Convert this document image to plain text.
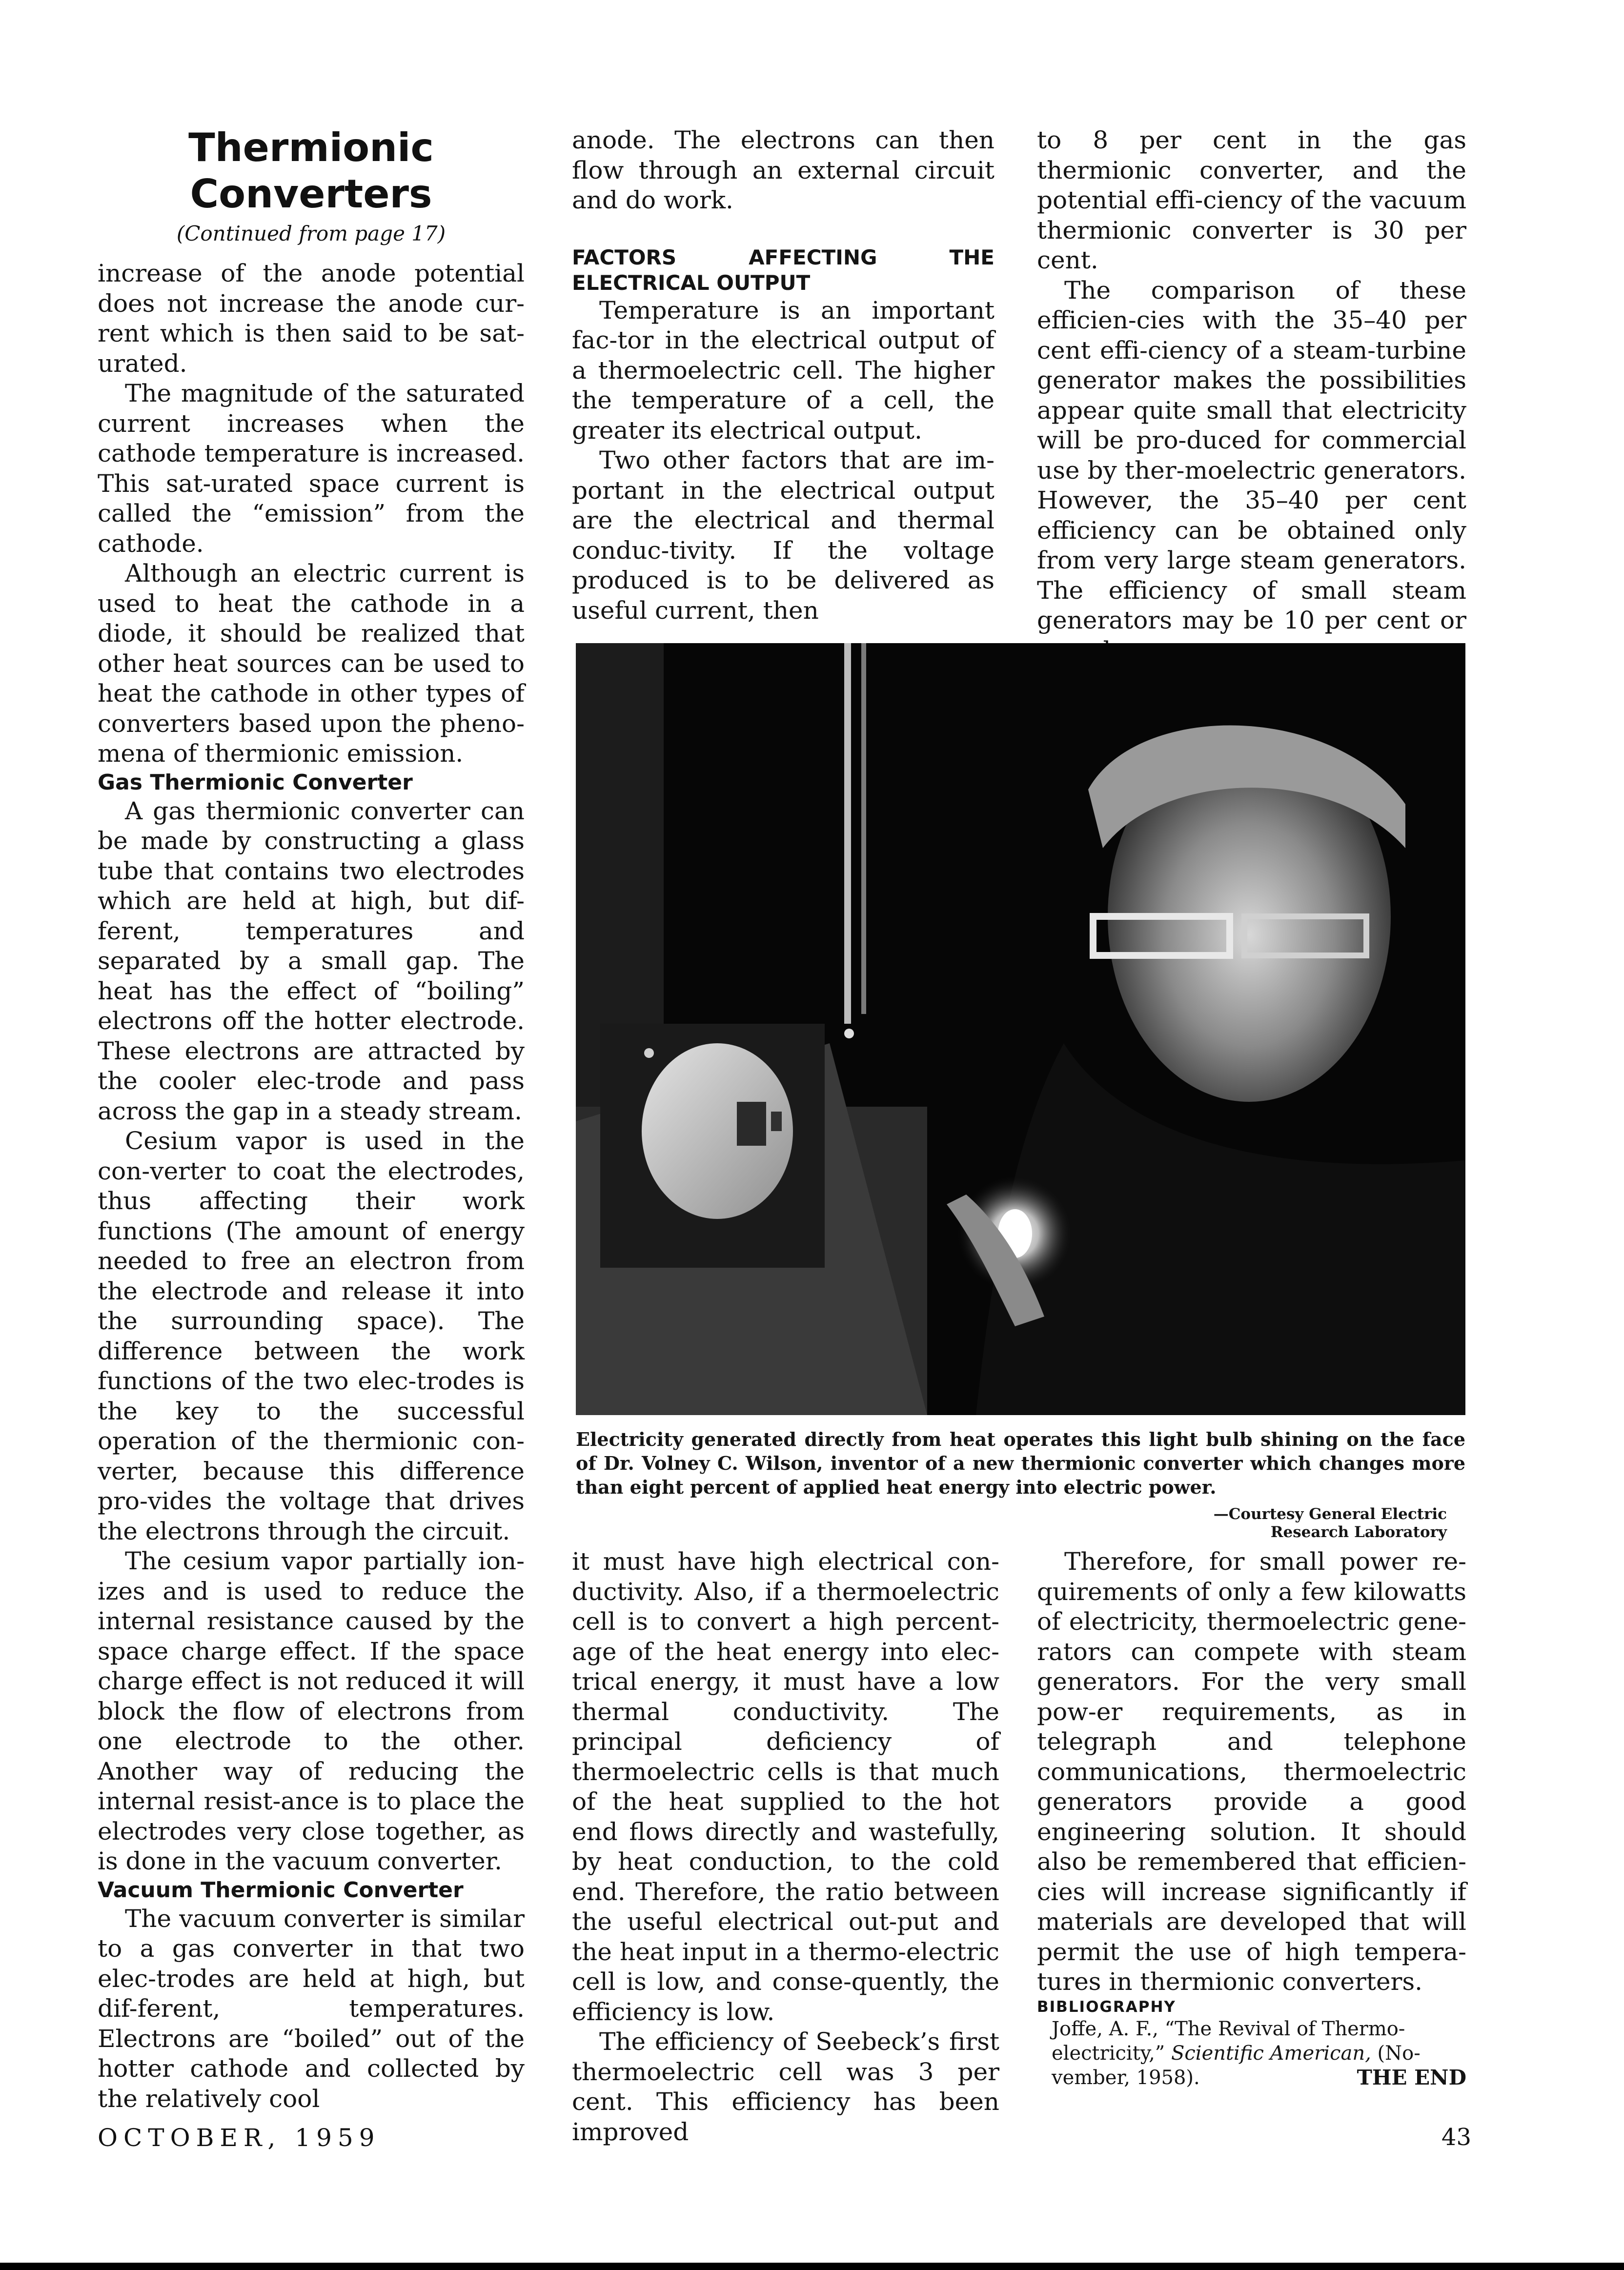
Thermionic

Converters

(Continued from page 17)

increase of the anode potential does not increase the anode cur-rent which is then said to be sat-urated.

The magnitude of the saturated current increases when the cathode temperature is increased. This sat-urated space current is called the “emission” from the cathode.

Although an electric current is used to heat the cathode in a diode, it should be realized that other heat sources can be used to heat the cathode in other types of converters based upon the pheno-mena of thermionic emission.

Gas Thermionic Converter

A gas thermionic converter can be made by constructing a glass tube that contains two electrodes which are held at high, but dif-ferent, temperatures and separated by a small gap. The heat has the effect of “boiling” electrons off the hotter electrode. These electrons are attracted by the cooler elec-trode and pass across the gap in a steady stream.

Cesium vapor is used in the con-verter to coat the electrodes, thus affecting their work functions (The amount of energy needed to free an electron from the electrode and release it into the surrounding space). The difference between the work functions of the two elec-trodes is the key to the successful operation of the thermionic con-verter, because this difference pro-vides the voltage that drives the electrons through the circuit.

The cesium vapor partially ion-izes and is used to reduce the internal resistance caused by the space charge effect. If the space charge effect is not reduced it will block the flow of electrons from one electrode to the other. Another way of reducing the internal resist-ance is to place the electrodes very close together, as is done in the vacuum converter.

Vacuum Thermionic Converter

The vacuum converter is similar to a gas converter in that two elec-trodes are held at high, but dif-ferent, temperatures. Electrons are “boiled” out of the hotter cathode and collected by the relatively cool

anode. The electrons can then flow through an external circuit and do work.

FACTORS AFFECTING THE ELECTRICAL OUTPUT

Temperature is an important fac-tor in the electrical output of a thermoelectric cell. The higher the temperature of a cell, the greater its electrical output.

Two other factors that are im-portant in the electrical output are the electrical and thermal conduc-tivity. If the voltage produced is to be delivered as useful current, then

to 8 per cent in the gas thermionic converter, and the potential effi-ciency of the vacuum thermionic converter is 30 per cent.

The comparison of these efficien-cies with the 35–40 per cent effi-ciency of a steam-turbine generator makes the possibilities appear quite small that electricity will be pro-duced for commercial use by ther-moelectric generators. However, the 35–40 per cent efficiency can be obtained only from very large steam generators. The efficiency of small steam generators may be 10 per cent or

Electricity generated directly from heat operates this light bulb shining on the face of Dr. Volney C. Wilson, inventor of a new thermionic converter which changes more than eight percent of applied heat energy into electric power.
—Courtesy General Electric
Research Laboratory

it must have high electrical con-ductivity. Also, if a thermoelectric cell is to convert a high percent-age of the heat energy into elec-trical energy, it must have a low thermal conductivity. The principal deficiency of thermoelectric cells is that much of the heat supplied to the hot end flows directly and wastefully, by heat conduction, to the cold end. Therefore, the ratio between the useful electrical out-put and the heat input in a thermo-electric cell is low, and conse-quently, the efficiency is low.

The efficiency of Seebeck’s first thermoelectric cell was 3 per cent. This efficiency has been improved

Therefore, for small power re-quirements of only a few kilowatts of electricity, thermoelectric gene-rators can compete with steam generators. For the very small pow-er requirements, as in telegraph and telephone communications, thermoelectric generators provide a good engineering solution. It should also be remembered that efficien-cies will increase significantly if materials are developed that will permit the use of high tempera-tures in thermionic converters.

BIBLIOGRAPHY

Joffe, A. F., “The Revival of Thermo-electricity,” Scientific American, (No-vember, 1958).	THE END

OCTOBER, 1959	43
